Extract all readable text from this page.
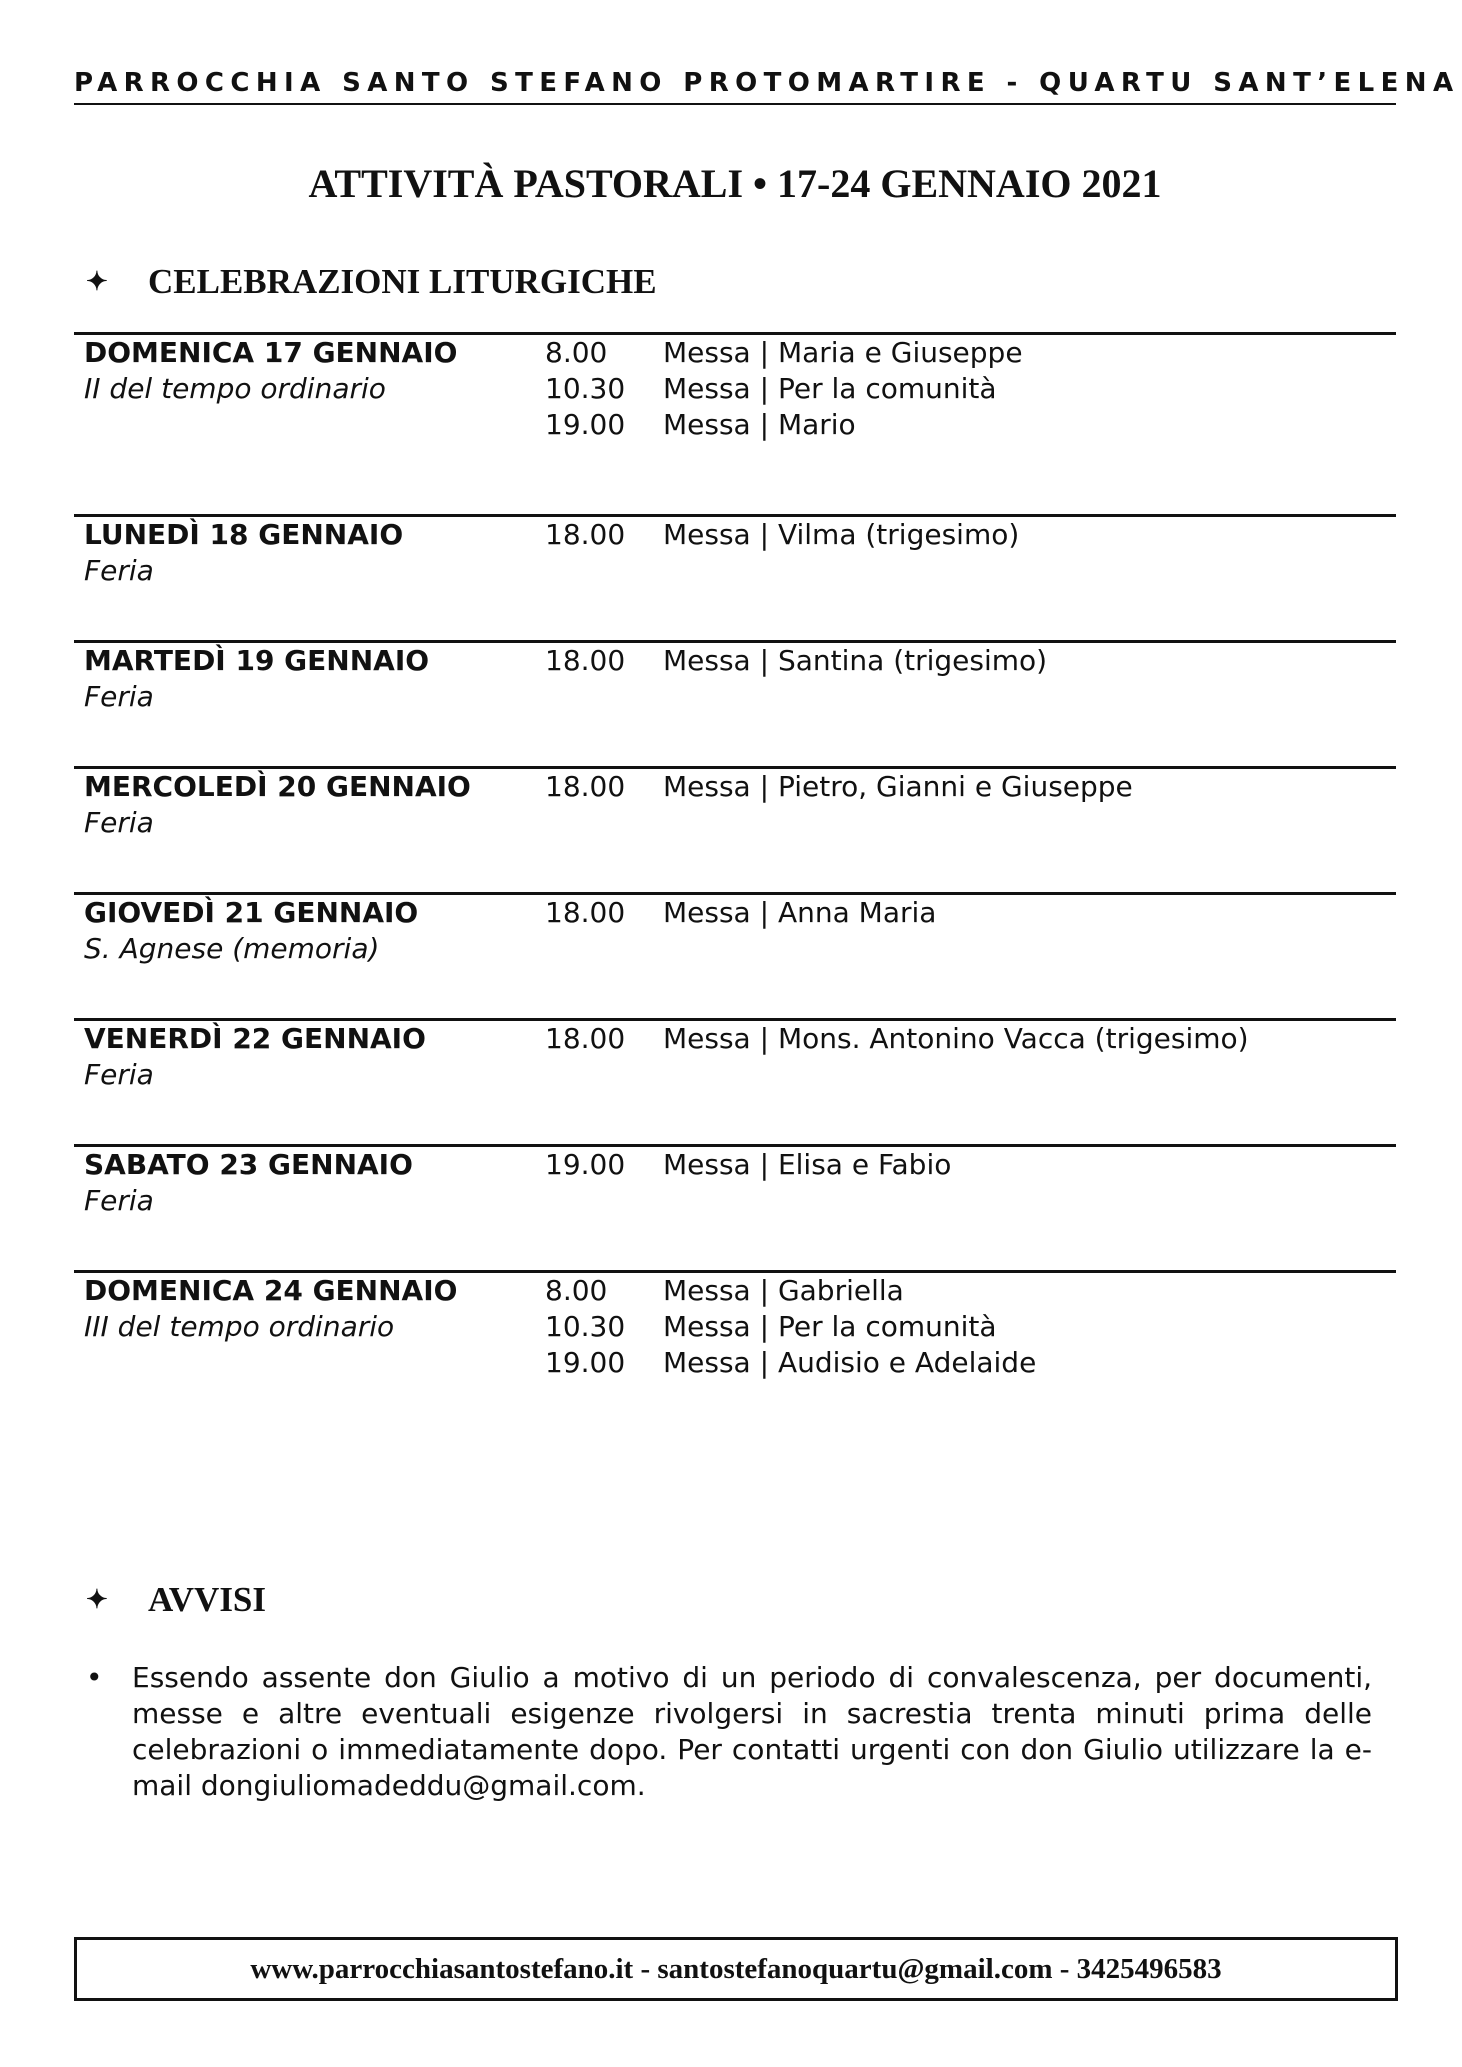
PARROCCHIA SANTO STEFANO PROTOMARTIRE - QUARTU SANT’ELENA
ATTIVITÀ PASTORALI • 17-24 GENNAIO 2021
✦ CELEBRAZIONI LITURGICHE
DOMENICA 17 GENNAIO
II del tempo ordinario
8.00 Messa | Maria e Giuseppe
10.30 Messa | Per la comunità
19.00 Messa | Mario
LUNEDÌ 18 GENNAIO
Feria
18.00 Messa | Vilma (trigesimo)
MARTEDÌ 19 GENNAIO
Feria
18.00 Messa | Santina (trigesimo)
MERCOLEDÌ 20 GENNAIO
Feria
18.00 Messa | Pietro, Gianni e Giuseppe
GIOVEDÌ 21 GENNAIO
S. Agnese (memoria)
18.00 Messa | Anna Maria
VENERDÌ 22 GENNAIO
Feria
18.00 Messa | Mons. Antonino Vacca (trigesimo)
SABATO 23 GENNAIO
Feria
19.00 Messa | Elisa e Fabio
DOMENICA 24 GENNAIO
III del tempo ordinario
8.00 Messa | Gabriella
10.30 Messa | Per la comunità
19.00 Messa | Audisio e Adelaide
✦ AVVISI
•	Essendo assente don Giulio a motivo di un periodo di convalescenza, per documenti, messe e altre eventuali esigenze rivolgersi in sacrestia trenta minuti prima delle celebrazioni o immediatamente dopo. Per contatti urgenti con don Giulio utilizzare la e-mail dongiuliomadeddu@gmail.com.
www.parrocchiasantostefano.it - santostefanoquartu@gmail.com - 3425496583
